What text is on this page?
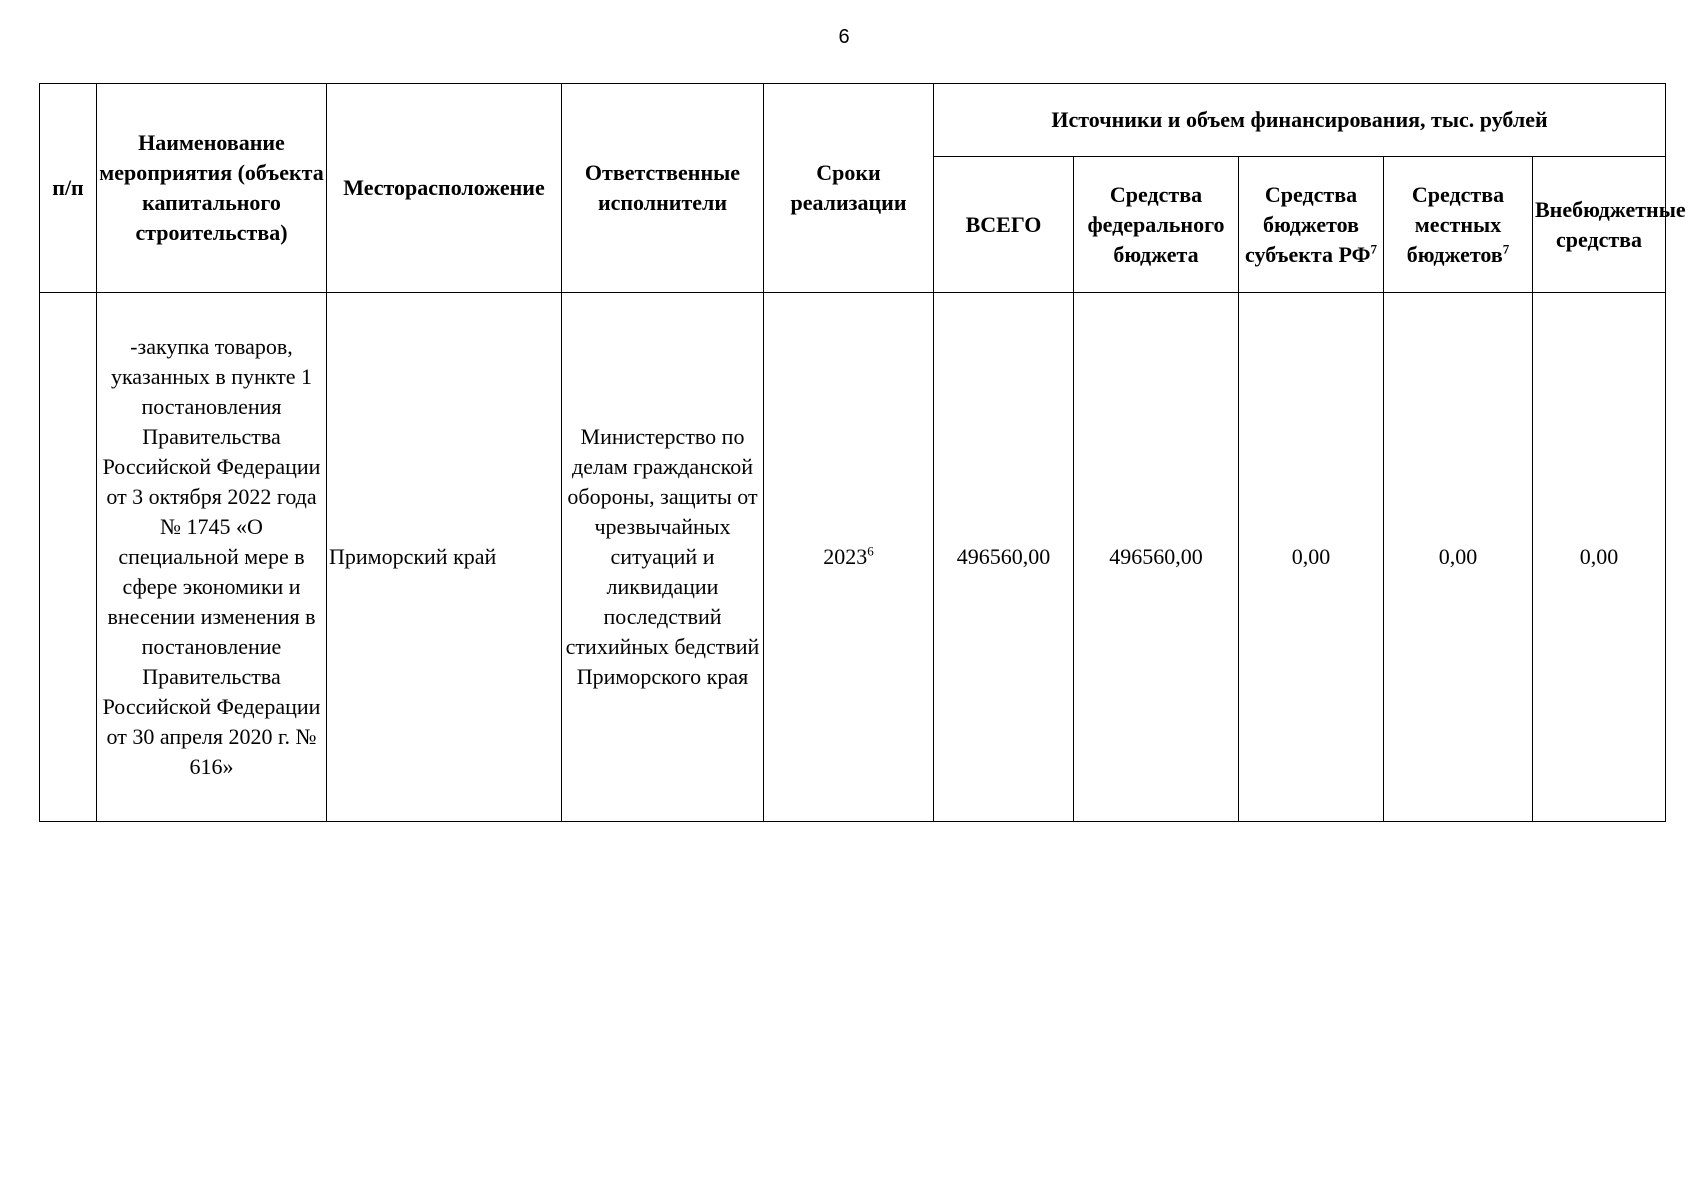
6
п/п	Наименование мероприятия (объекта капитального строительства)	Месторасположение	Ответственные исполнители	Сроки реализации	Источники и объем финансирования, тыс. рублей				
					ВСЕГО	Средства федерального бюджета	Средства бюджетов субъекта $РФ^7$	Средства местных бюджетов$^7$	Внебюджетные средства
	-закупка товаров, указанных в пункте 1 постановления Правительства Российской Федерации от 3 октября 2022 года № 1745 «О специальной мере в сфере экономики и внесении изменения в постановление Правительства Российской Федерации от 30 апреля 2020 г. № 616»	Приморский край	Министерство по делам гражданской обороны, защиты от чрезвычайных ситуаций и ликвидации последствий стихийных бедствий Приморского края	2023$^6$	496560,00	496560,00	0,00	0,00	0,00
